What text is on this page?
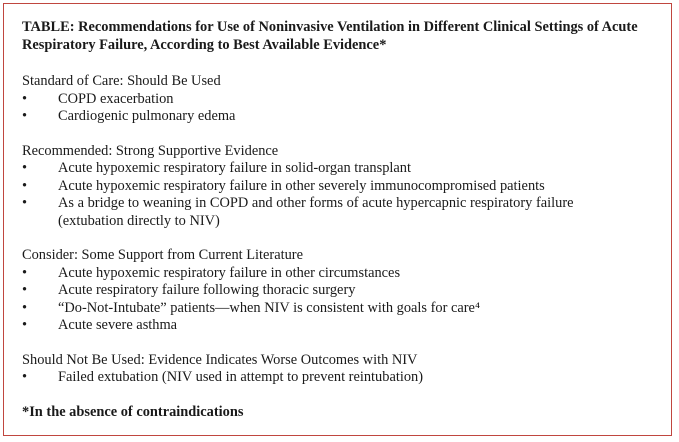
TABLE: Recommendations for Use of Noninvasive Ventilation in Different Clinical Settings of Acute Respiratory Failure, According to Best Available Evidence*

Standard of Care: Should Be Used

• COPD exacerbation
• Cardiogenic pulmonary edema

Recommended: Strong Supportive Evidence

• Acute hypoxemic respiratory failure in solid-organ transplant
• Acute hypoxemic respiratory failure in other severely immunocompromised patients
• As a bridge to weaning in COPD and other forms of acute hypercapnic respiratory failure (extubation directly to NIV)

Consider: Some Support from Current Literature

• Acute hypoxemic respiratory failure in other circumstances
• Acute respiratory failure following thoracic surgery
• “Do-Not-Intubate” patients—when NIV is consistent with goals for care⁴
• Acute severe asthma

Should Not Be Used: Evidence Indicates Worse Outcomes with NIV

• Failed extubation (NIV used in attempt to prevent reintubation)

*In the absence of contraindications
